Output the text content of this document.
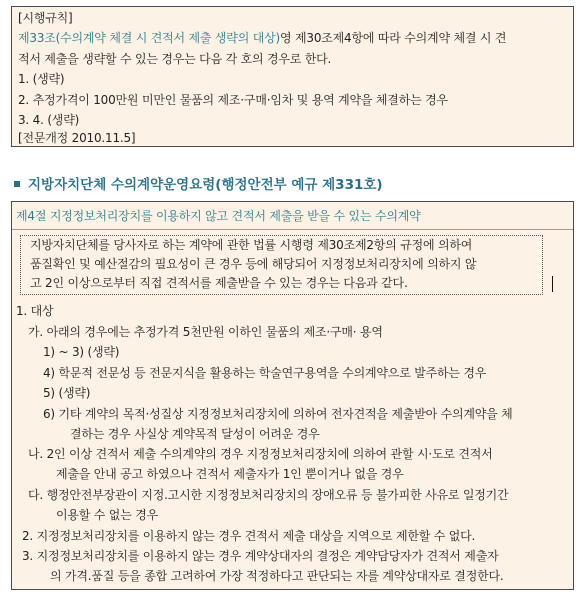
[시행규칙]
제33조(수의계약 체결 시 견적서 제출 생략의 대상)영 제30조제4항에 따라 수의계약 체결 시 견
적서 제출을 생략할 수 있는 경우는 다음 각 호의 경우로 한다.
1. (생략)
2. 추정가격이 100만원 미만인 물품의 제조·구매·임차 및 용역 계약을 체결하는 경우
3. 4. (생략)
[전문개정 2010.11.5]
지방자치단체 수의계약운영요령(행정안전부 예규 제331호)
제4절 지정정보처리장치를 이용하지 않고 견적서 제출을 받을 수 있는 수의계약
지방자치단체를 당사자로 하는 계약에 관한 법률 시행령 제30조제2항의 규정에 의하여
품질확인 및 예산절감의 필요성이 큰 경우 등에 해당되어 지정정보처리장치에 의하지 않
고 2인 이상으로부터 직접 견적서를 제출받을 수 있는 경우는 다음과 같다.
1. 대상
가. 아래의 경우에는 추정가격 5천만원 이하인 물품의 제조·구매· 용역
1) ~ 3) (생략)
4) 학문적 전문성 등 전문지식을 활용하는 학술연구용역을 수의계약으로 발주하는 경우
5) (생략)
6) 기타 계약의 목적·성질상 지정정보처리장치에 의하여 전자견적을 제출받아 수의계약을 체
결하는 경우 사실상 계약목적 달성이 어려운 경우
나. 2인 이상 견적서 제출 수의계약의 경우 지정정보처리장치에 의하여 관할 시·도로 견적서
제출을 안내 공고 하였으나 견적서 제출자가 1인 뿐이거나 없을 경우
다. 행정안전부장관이 지정.고시한 지정정보처리장치의 장애오류 등 불가피한 사유로 일정기간
이용할 수 없는 경우
2. 지정정보처리장치를 이용하지 않는 경우 견적서 제출 대상을 지역으로 제한할 수 없다.
3. 지정정보처리장치를 이용하지 않는 경우 계약상대자의 결정은 계약담당자가 견적서 제출자
의 가격.품질 등을 종합 고려하여 가장 적정하다고 판단되는 자를 계약상대자로 결정한다.
